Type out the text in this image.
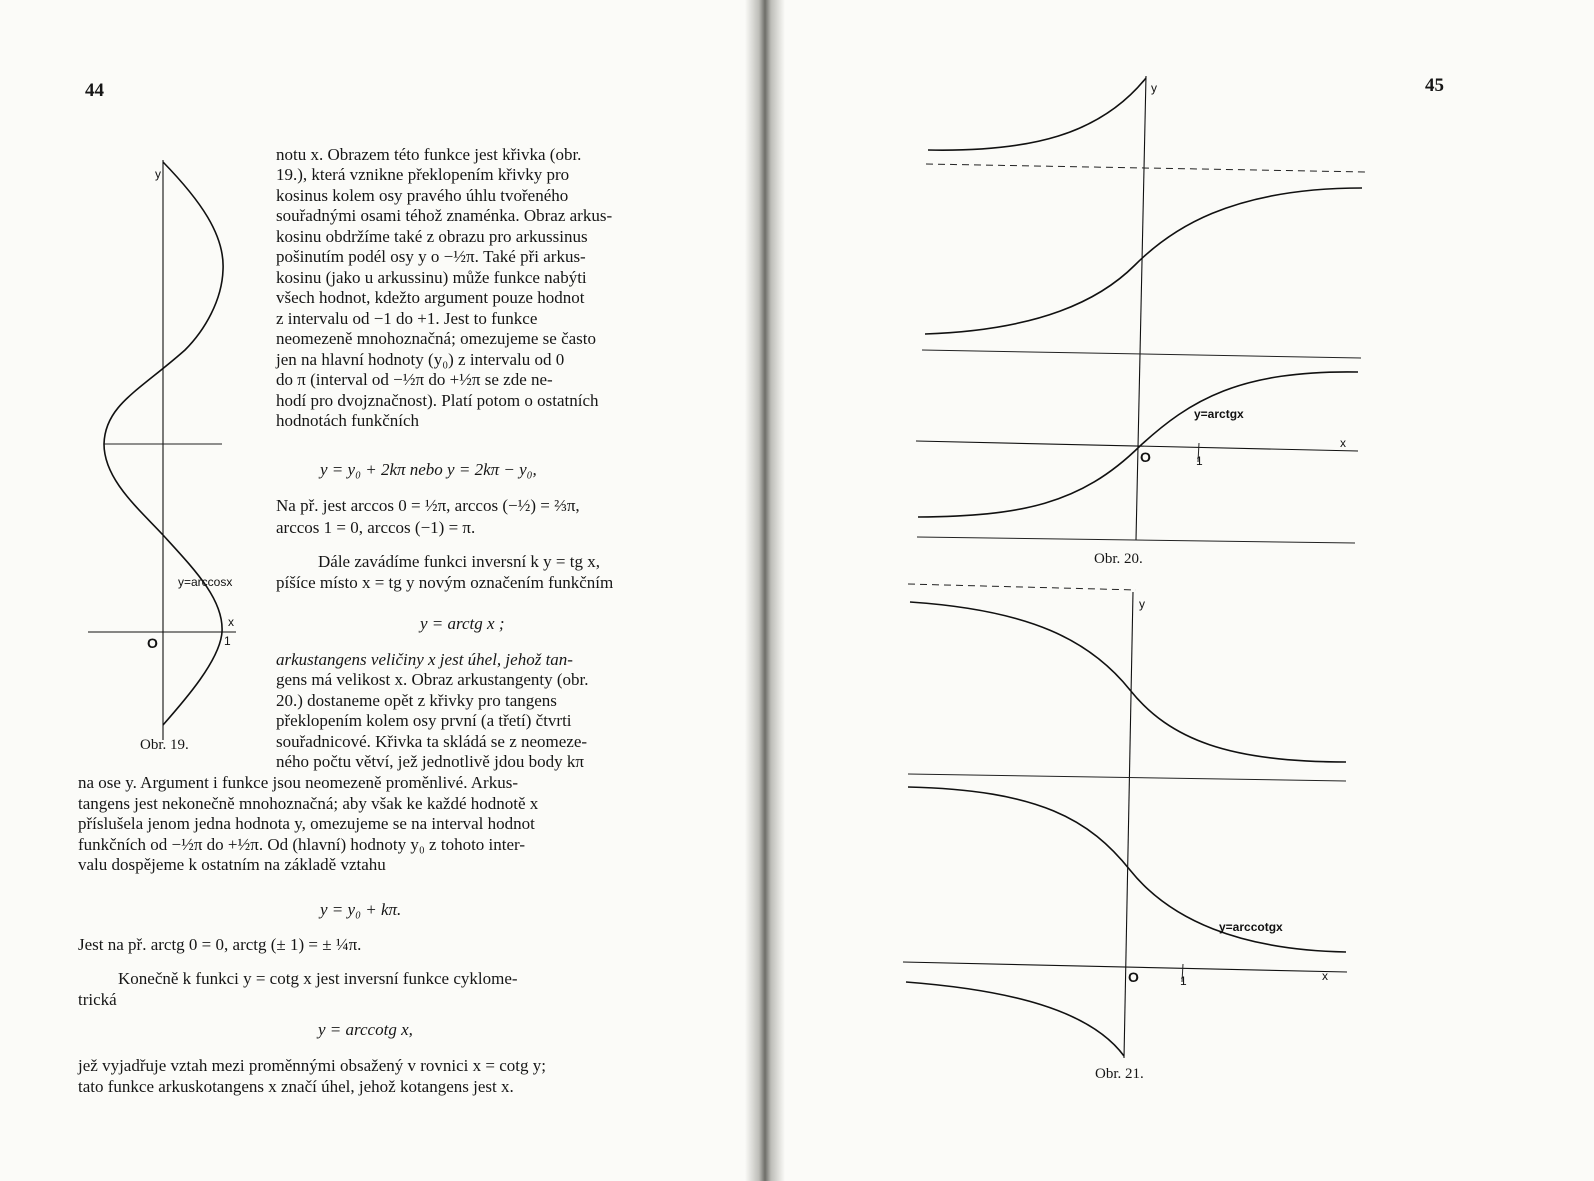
44	45
notu x. Obrazem této funkce jest křivka (obr.
19.), která vznikne překlopením křivky pro
kosinus kolem osy pravého úhlu tvořeného
souřadnými osami téhož znaménka. Obraz arkus-
kosinu obdržíme také z obrazu pro arkussinus
pošinutím podél osy y o −½π. Také při arkus-
kosinu (jako u arkussinu) může funkce nabýti
všech hodnot, kdežto argument pouze hodnot
z intervalu od −1 do +1. Jest to funkce
neomezeně mnohoznačná; omezujeme se často
jen na hlavní hodnoty (y₀) z intervalu od 0
do π (interval od −½π do +½π se zde ne-
hodí pro dvojznačnost). Platí potom o ostatních
hodnotách funkčních
y = y₀ + 2kπ nebo y = 2kπ − y₀,
Na př. jest arccos 0 = ½π, arccos (−½) = ⅔π,
arccos 1 = 0, arccos (−1) = π.
Dále zavádíme funkci inversní k y = tg x,
píšíce místo x = tg y novým označením funkčním
y = arctg x ;
arkustangens veličiny x jest úhel, jehož tan-
gens má velikost x. Obraz arkustangenty (obr.
20.) dostaneme opět z křivky pro tangens
překlopením kolem osy první (a třetí) čtvrti
souřadnicové. Křivka ta skládá se z neomeze-
ného počtu větví, jež jednotlivě jdou body kπ
na ose y. Argument i funkce jsou neomezeně proměnlivé. Arkus-
tangens jest nekonečně mnohoznačná; aby však ke každé hodnotě x
příslušela jenom jedna hodnota y, omezujeme se na interval hodnot
funkčních od −½π do +½π. Od (hlavní) hodnoty y₀ z tohoto inter-
valu dospějeme k ostatním na základě vztahu
y = y₀ + kπ.
Jest na př. arctg 0 = 0, arctg (± 1) = ± ¼π.
Konečně k funkci y = cotg x jest inversní funkce cyklome-
trická
y = arccotg x,
jež vyjadřuje vztah mezi proměnnými obsažený v rovnici x = cotg y;
tato funkce arkuskotangens x značí úhel, jehož kotangens jest x.
Obr. 19.
Obr. 20.
Obr. 21.
y
x
O	1
y=arccosx
y
x
O	1
y=arctgx
y
x
O	1
y=arccotgx
